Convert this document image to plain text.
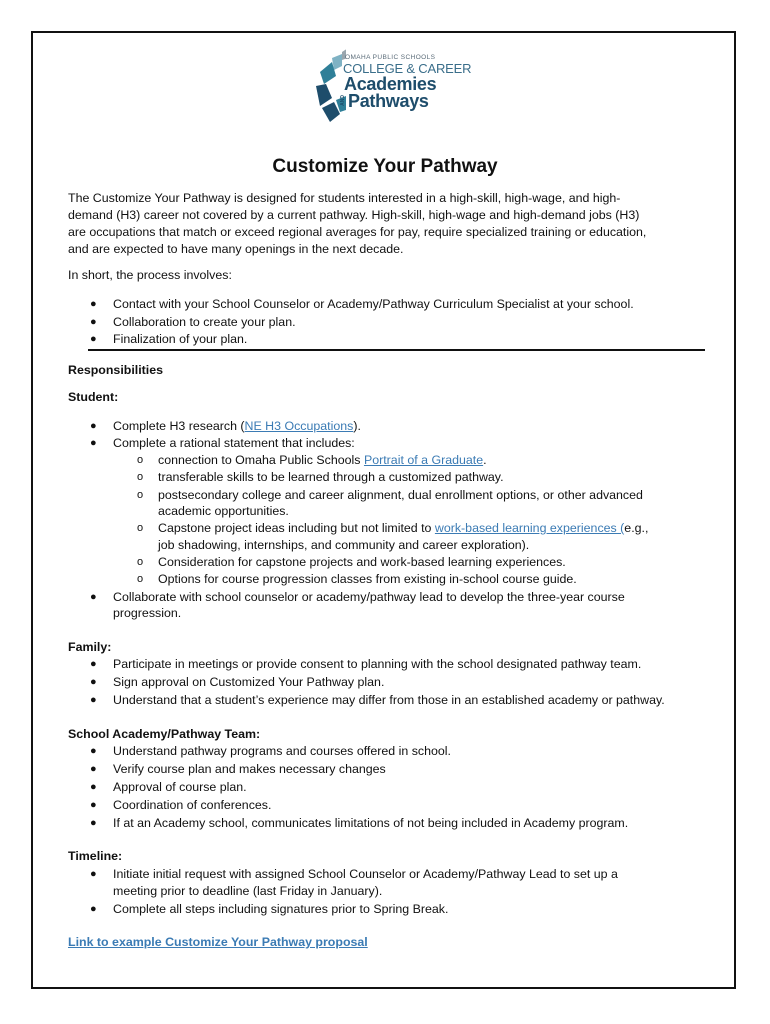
OMAHA PUBLIC SCHOOLS
COLLEGE & CAREER
Academies
AND Pathways
Customize Your Pathway

The Customize Your Pathway is designed for students interested in a high-skill, high-wage, and high-

demand (H3) career not covered by a current pathway. High-skill, high-wage and high-demand jobs (H3)

are occupations that match or exceed regional averages for pay, require specialized training or education,

and are expected to have many openings in the next decade.

In short, the process involves:

● Contact with your School Counselor or Academy/Pathway Curriculum Specialist at your school.

● Collaboration to create your plan.

● Finalization of your plan.

Responsibilities

Student:

● Complete H3 research (NE H3 Occupations).

● Complete a rational statement that includes:

o connection to Omaha Public Schools Portrait of a Graduate.

o transferable skills to be learned through a customized pathway.

o postsecondary college and career alignment, dual enrollment options, or other advanced

academic opportunities.

o Capstone project ideas including but not limited to work-based learning experiences (e.g.,

job shadowing, internships, and community and career exploration).

o Consideration for capstone projects and work-based learning experiences.

o Options for course progression classes from existing in-school course guide.

● Collaborate with school counselor or academy/pathway lead to develop the three-year course

progression.

Family:

● Participate in meetings or provide consent to planning with the school designated pathway team.

● Sign approval on Customized Your Pathway plan.

● Understand that a student’s experience may differ from those in an established academy or pathway.

School Academy/Pathway Team:

● Understand pathway programs and courses offered in school.

● Verify course plan and makes necessary changes

● Approval of course plan.

● Coordination of conferences.

● If at an Academy school, communicates limitations of not being included in Academy program.

Timeline:

● Initiate initial request with assigned School Counselor or Academy/Pathway Lead to set up a

meeting prior to deadline (last Friday in January).

● Complete all steps including signatures prior to Spring Break.

Link to example Customize Your Pathway proposal
